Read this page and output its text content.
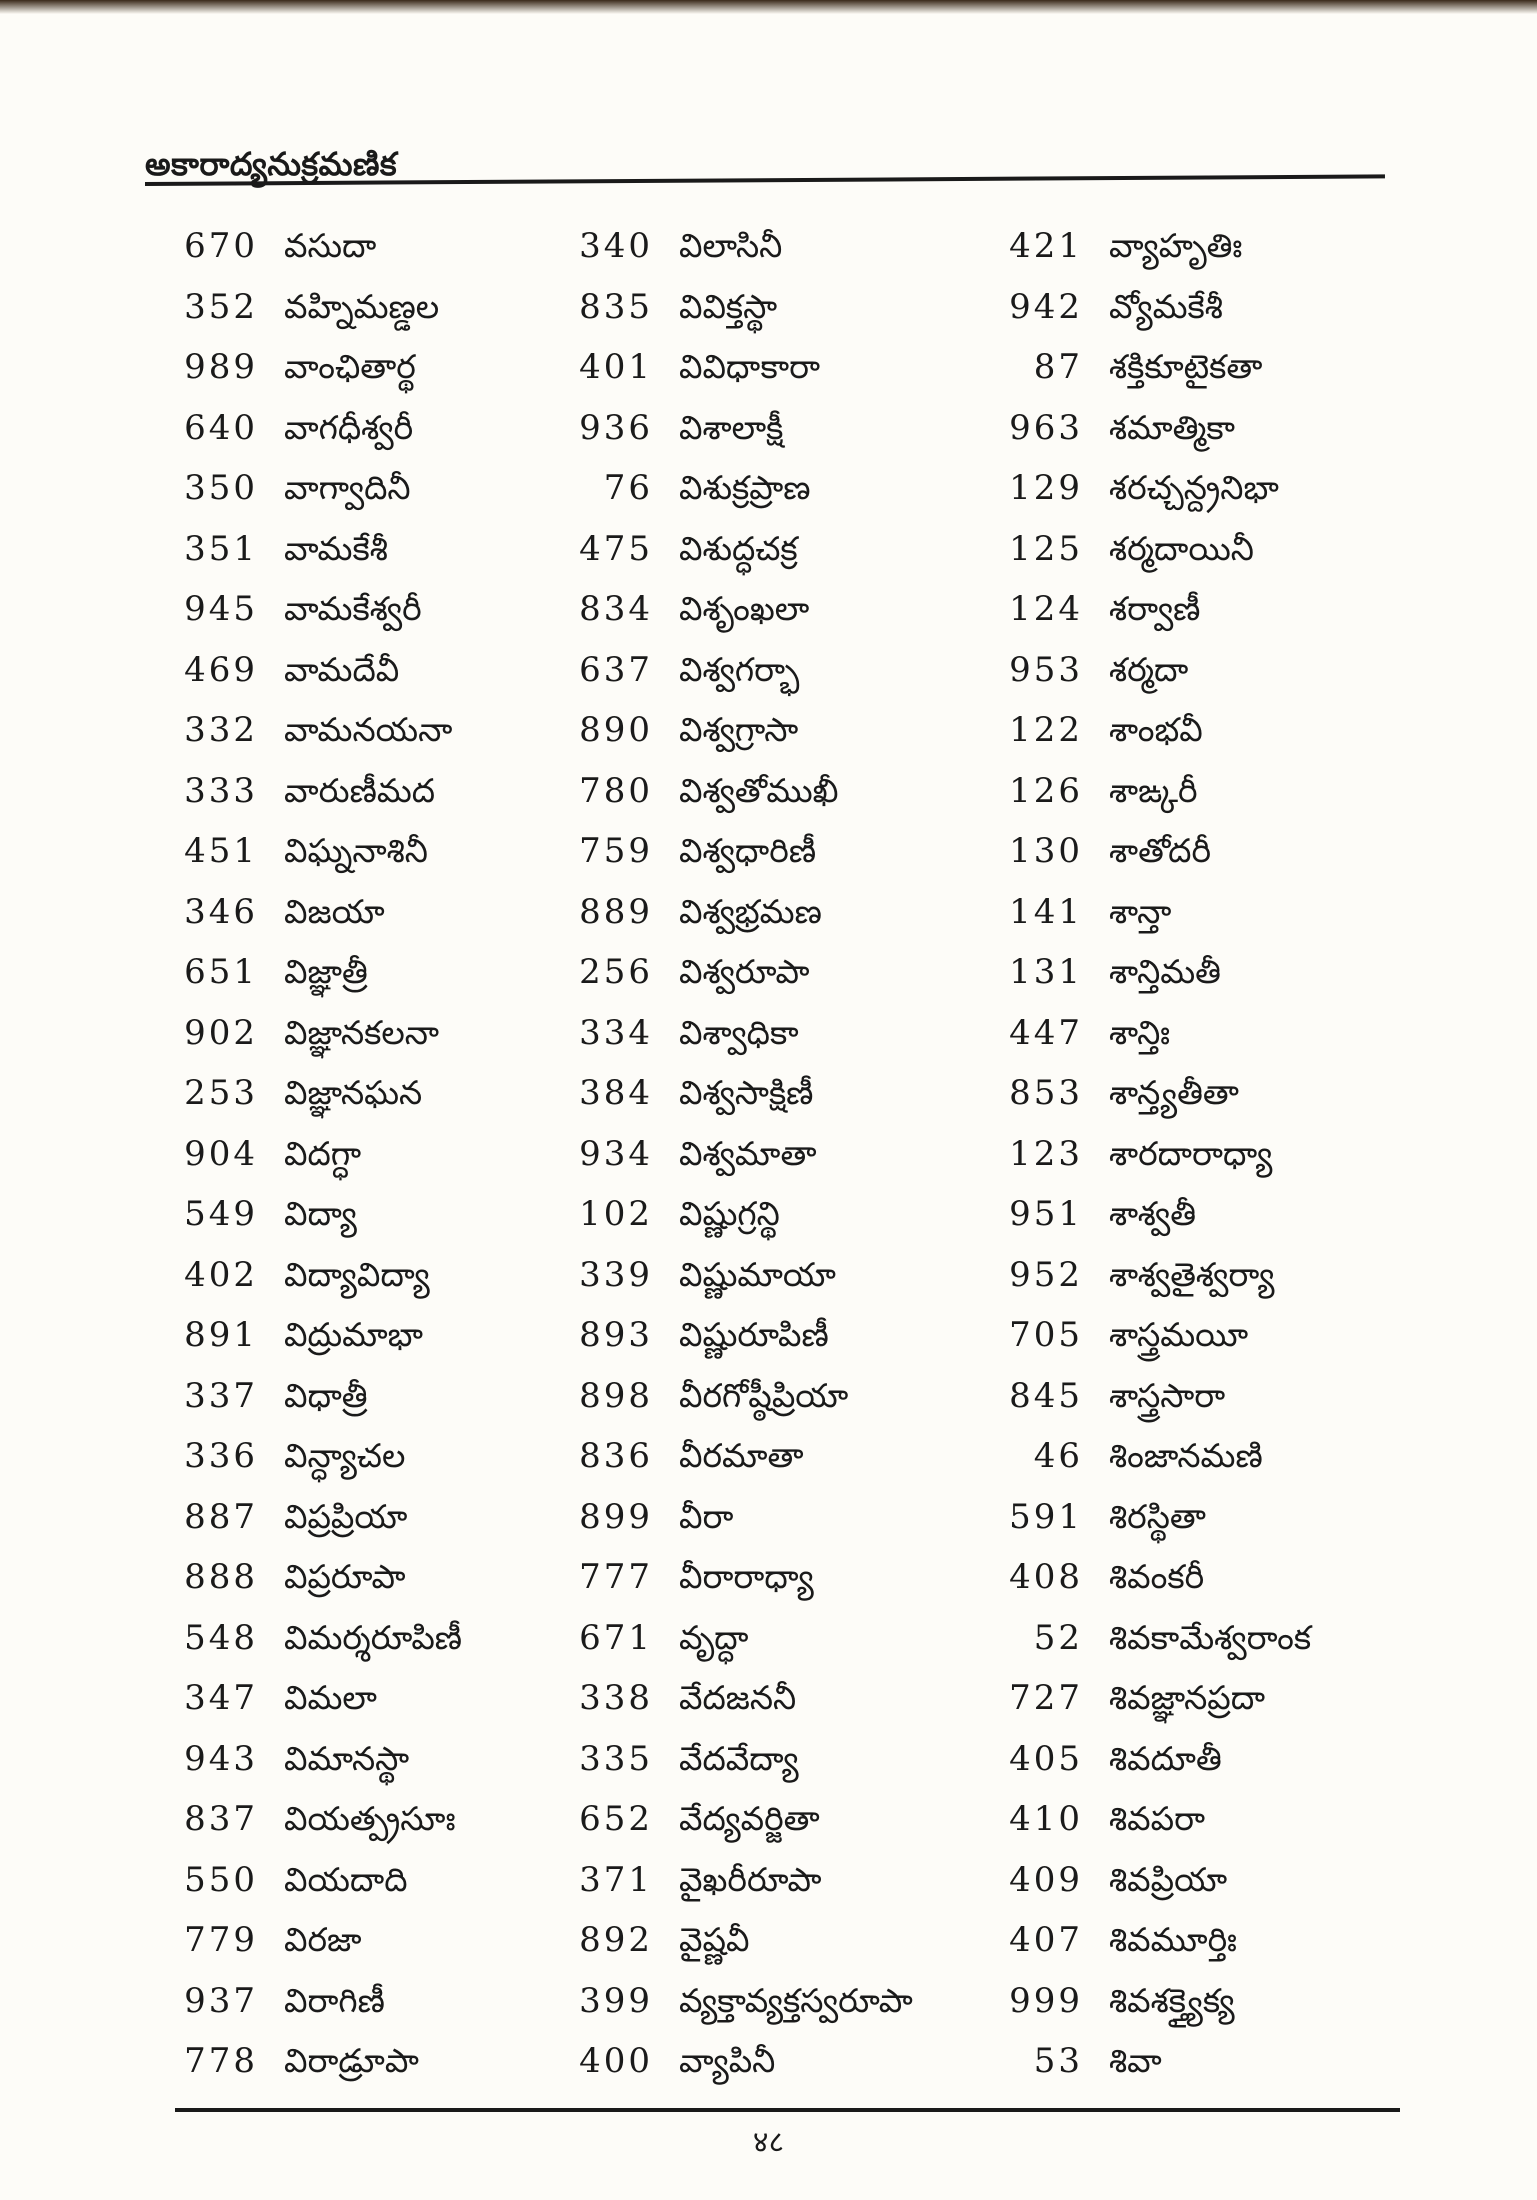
అకారాద్యనుక్రమణిక
670 వసుదా
352 వహ్నిమణ్డల
989 వాంఛితార్థ
640 వాగధీశ్వరీ
350 వాగ్వాదినీ
351 వామకేశీ
945 వామకేశ్వరీ
469 వామదేవీ
332 వామనయనా
333 వారుణీమద
451 విఘ్ననాశినీ
346 విజయా
651 విజ్ఞాత్రీ
902 విజ్ఞానకలనా
253 విజ్ఞానఘన
904 విదగ్ధా
549 విద్యా
402 విద్యావిద్యా
891 విద్రుమాభా
337 విధాత్రీ
336 విన్ధ్యాచల
887 విప్రప్రియా
888 విప్రరూపా
548 విమర్శరూపిణీ
347 విమలా
943 విమానస్థా
837 వియత్ప్రసూః
550 వియదాది
779 విరజా
937 విరాగిణీ
778 విరాడ్రూపా
340 విలాసినీ
835 వివిక్తస్థా
401 వివిధాకారా
936 విశాలాక్షీ
76 విశుక్రప్రాణ
475 విశుద్ధచక్ర
834 విశృంఖలా
637 విశ్వగర్భా
890 విశ్వగ్రాసా
780 విశ్వతోముఖీ
759 విశ్వధారిణీ
889 విశ్వభ్రమణ
256 విశ్వరూపా
334 విశ్వాధికా
384 విశ్వసాక్షిణీ
934 విశ్వమాతా
102 విష్ణుగ్రన్థి
339 విష్ణుమాయా
893 విష్ణురూపిణీ
898 వీరగోష్ఠీప్రియా
836 వీరమాతా
899 వీరా
777 వీరారాధ్యా
671 వృద్ధా
338 వేదజననీ
335 వేదవేద్యా
652 వేద్యవర్జితా
371 వైఖరీరూపా
892 వైష్ణవీ
399 వ్యక్తావ్యక్తస్వరూపా
400 వ్యాపినీ
421 వ్యాహృతిః
942 వ్యోమకేశీ
87 శక్తికూటైకతా
963 శమాత్మికా
129 శరచ్చన్ద్రనిభా
125 శర్మదాయినీ
124 శర్వాణీ
953 శర్మదా
122 శాంభవీ
126 శాఙ్కరీ
130 శాతోదరీ
141 శాన్తా
131 శాన్తిమతీ
447 శాన్తిః
853 శాన్త్యతీతా
123 శారదారాధ్యా
951 శాశ్వతీ
952 శాశ్వతైశ్వర్యా
705 శాస్త్రమయీ
845 శాస్త్రసారా
46 శింజానమణి
591 శిరస్థితా
408 శివంకరీ
52 శివకామేశ్వరాంక
727 శివజ్ఞానప్రదా
405 శివదూతీ
410 శివపరా
409 శివప్రియా
407 శివమూర్తిః
999 శివశక్త్యైక్య
53 శివా
४८
